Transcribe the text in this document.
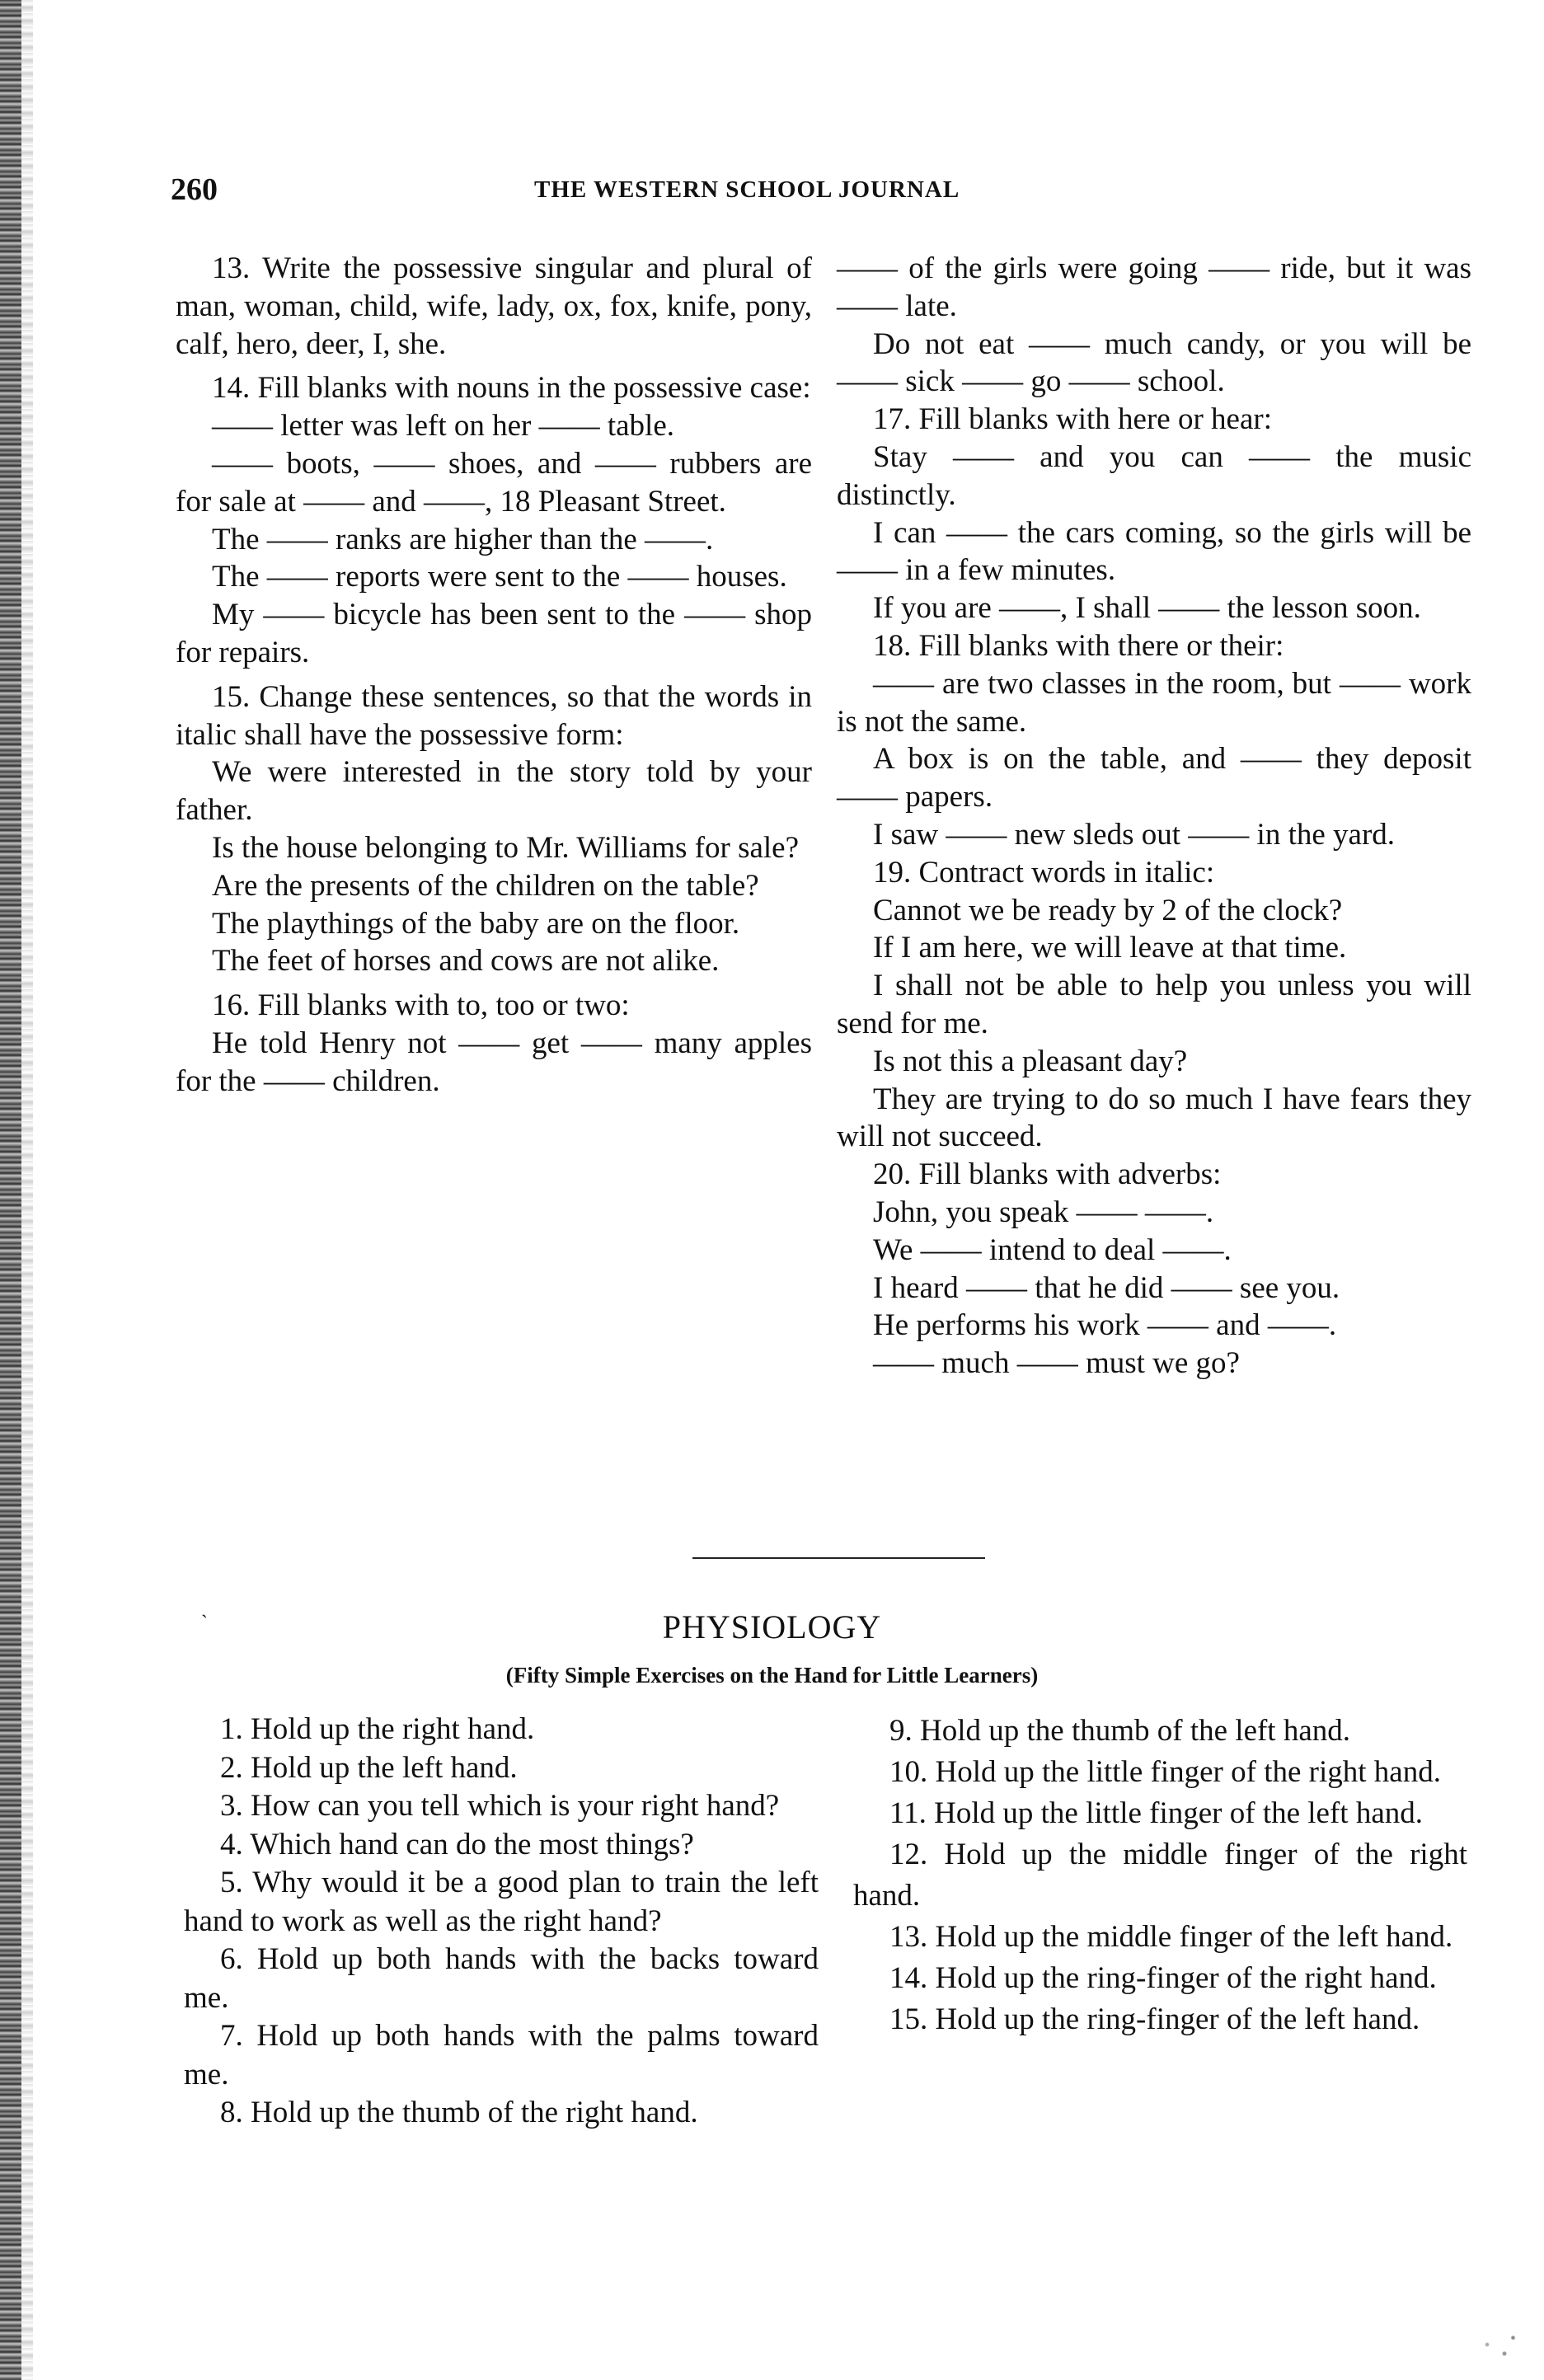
260	THE WESTERN SCHOOL JOURNAL

13. Write the possessive singular and plural of man, woman, child, wife, lady, ox, fox, knife, pony, calf, hero, deer, I, she.

14. Fill blanks with nouns in the possessive case:

—— letter was left on her —— table.

—— boots, —— shoes, and —— rubbers are for sale at —— and ——, 18 Pleasant Street.

The —— ranks are higher than the ——.

The —— reports were sent to the —— houses.

My —— bicycle has been sent to the —— shop for repairs.

15. Change these sentences, so that the words in italic shall have the possessive form:

We were interested in the story told by your father.

Is the house belonging to Mr. Williams for sale?

Are the presents of the children on the table?

The playthings of the baby are on the floor.

The feet of horses and cows are not alike.

16. Fill blanks with to, too or two:

He told Henry not —— get —— many apples for the —— children.

—— of the girls were going —— ride, but it was —— late.

Do not eat —— much candy, or you will be —— sick —— go —— school.

17. Fill blanks with here or hear:

Stay —— and you can —— the music distinctly.

I can —— the cars coming, so the girls will be —— in a few minutes.

If you are ——, I shall —— the lesson soon.

18. Fill blanks with there or their:

—— are two classes in the room, but —— work is not the same.

A box is on the table, and —— they deposit —— papers.

I saw —— new sleds out —— in the yard.

19. Contract words in italic:

Cannot we be ready by 2 of the clock?

If I am here, we will leave at that time.

I shall not be able to help you unless you will send for me.

Is not this a pleasant day?

They are trying to do so much I have fears they will not succeed.

20. Fill blanks with adverbs:

John, you speak —— ——.

We —— intend to deal ——.

I heard —— that he did —— see you.

He performs his work —— and ——.

—— much —— must we go?

`	PHYSIOLOGY
(Fifty Simple Exercises on the Hand for Little Learners)

1. Hold up the right hand.

2. Hold up the left hand.

3. How can you tell which is your right hand?

4. Which hand can do the most things?

5. Why would it be a good plan to train the left hand to work as well as the right hand?

6. Hold up both hands with the backs toward me.

7. Hold up both hands with the palms toward me.

8. Hold up the thumb of the right hand.

9. Hold up the thumb of the left hand.

10. Hold up the little finger of the right hand.

11. Hold up the little finger of the left hand.

12. Hold up the middle finger of the right hand.

13. Hold up the middle finger of the left hand.

14. Hold up the ring-finger of the right hand.

15. Hold up the ring-finger of the left hand.
